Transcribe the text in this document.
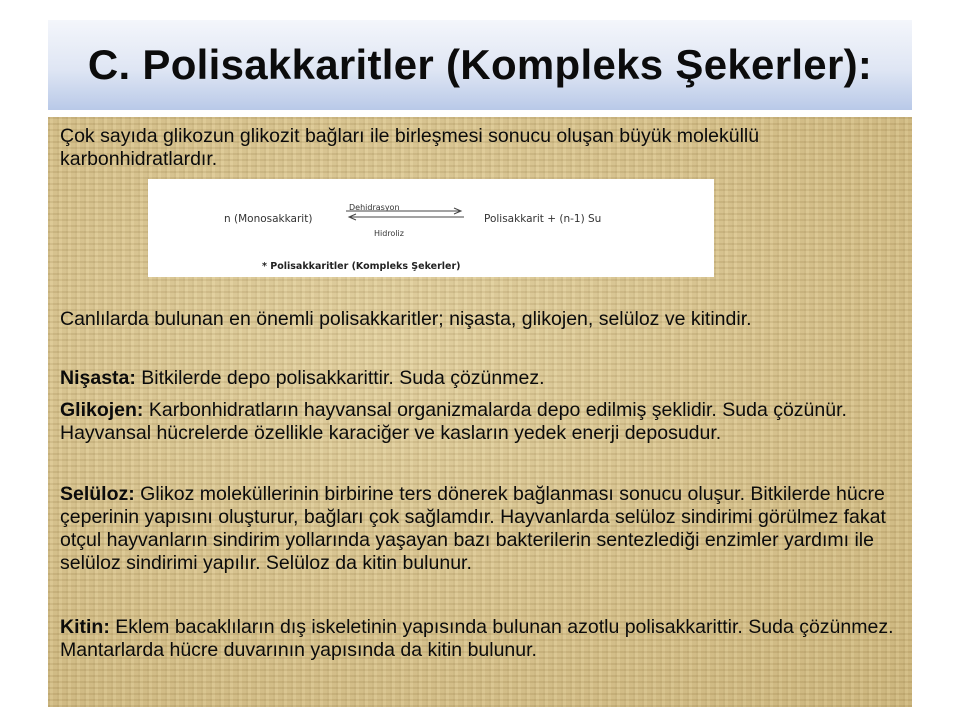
C. Polisakkaritler (Kompleks Şekerler):

Çok sayıda glikozun glikozit bağları ile birleşmesi sonucu oluşan büyük moleküllü karbonhidratlardır.

n (Monosakkarit)
Dehidrasyon
Hidroliz
Polisakkarit + (n-1) Su
* Polisakkaritler (Kompleks Şekerler)

Canlılarda bulunan en önemli polisakkaritler; nişasta, glikojen, selüloz ve kitindir.

Nişasta: Bitkilerde depo polisakkarittir. Suda çözünmez.

Glikojen: Karbonhidratların hayvansal organizmalarda depo edilmiş şeklidir. Suda çözünür. Hayvansal hücrelerde özellikle karaciğer ve kasların yedek enerji deposudur.

Selüloz: Glikoz moleküllerinin birbirine ters dönerek bağlanması sonucu oluşur. Bitkilerde hücre çeperinin yapısını oluşturur, bağları çok sağlamdır. Hayvanlarda selüloz sindirimi görülmez fakat otçul hayvanların sindirim yollarında yaşayan bazı bakterilerin sentezlediği enzimler yardımı ile selüloz sindirimi yapılır. Selüloz da kitin bulunur.

Kitin: Eklem bacaklıların dış iskeletinin yapısında bulunan azotlu polisakkarittir. Suda çözünmez. Mantarlarda hücre duvarının yapısında da kitin bulunur.
